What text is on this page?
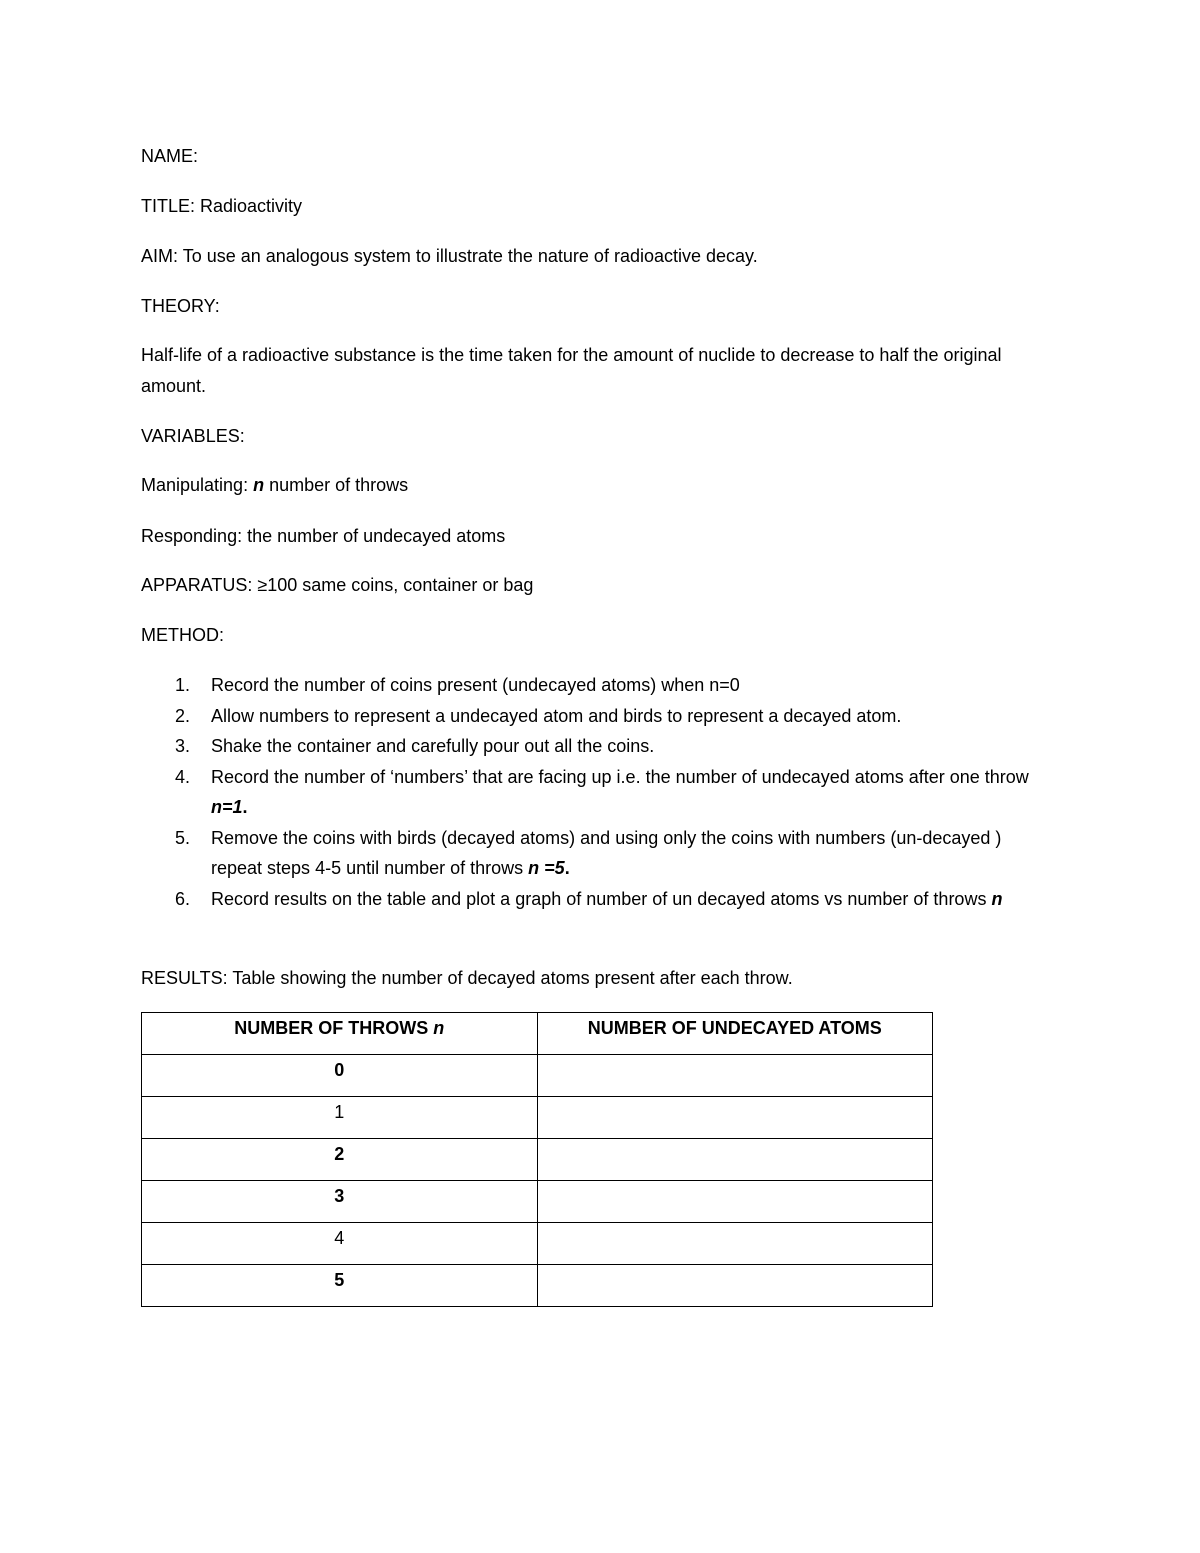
NAME:
TITLE: Radioactivity
AIM: To use an analogous system to illustrate the nature of radioactive decay.
THEORY:
Half-life of a radioactive substance is the time taken for the amount of nuclide to decrease to half the original amount.
VARIABLES:
Manipulating: n number of throws
Responding: the number of undecayed atoms
APPARATUS: ≥100 same coins, container or bag
METHOD:
1. Record the number of coins present (undecayed atoms) when n=0
2. Allow numbers to represent a undecayed atom and birds to represent a decayed atom.
3. Shake the container and carefully pour out all the coins.
4. Record the number of ‘numbers’ that are facing up i.e. the number of undecayed atoms after one throw n=1.
5. Remove the coins with birds (decayed atoms) and using only the coins with numbers (un-decayed ) repeat steps 4-5 until number of throws n =5.
6. Record results on the table and plot a graph of number of un decayed atoms vs number of throws n
RESULTS: Table showing the number of decayed atoms present after each throw.
NUMBER OF THROWS n	NUMBER OF UNDECAYED ATOMS
0	
1	
2	
3	
4	
5	
